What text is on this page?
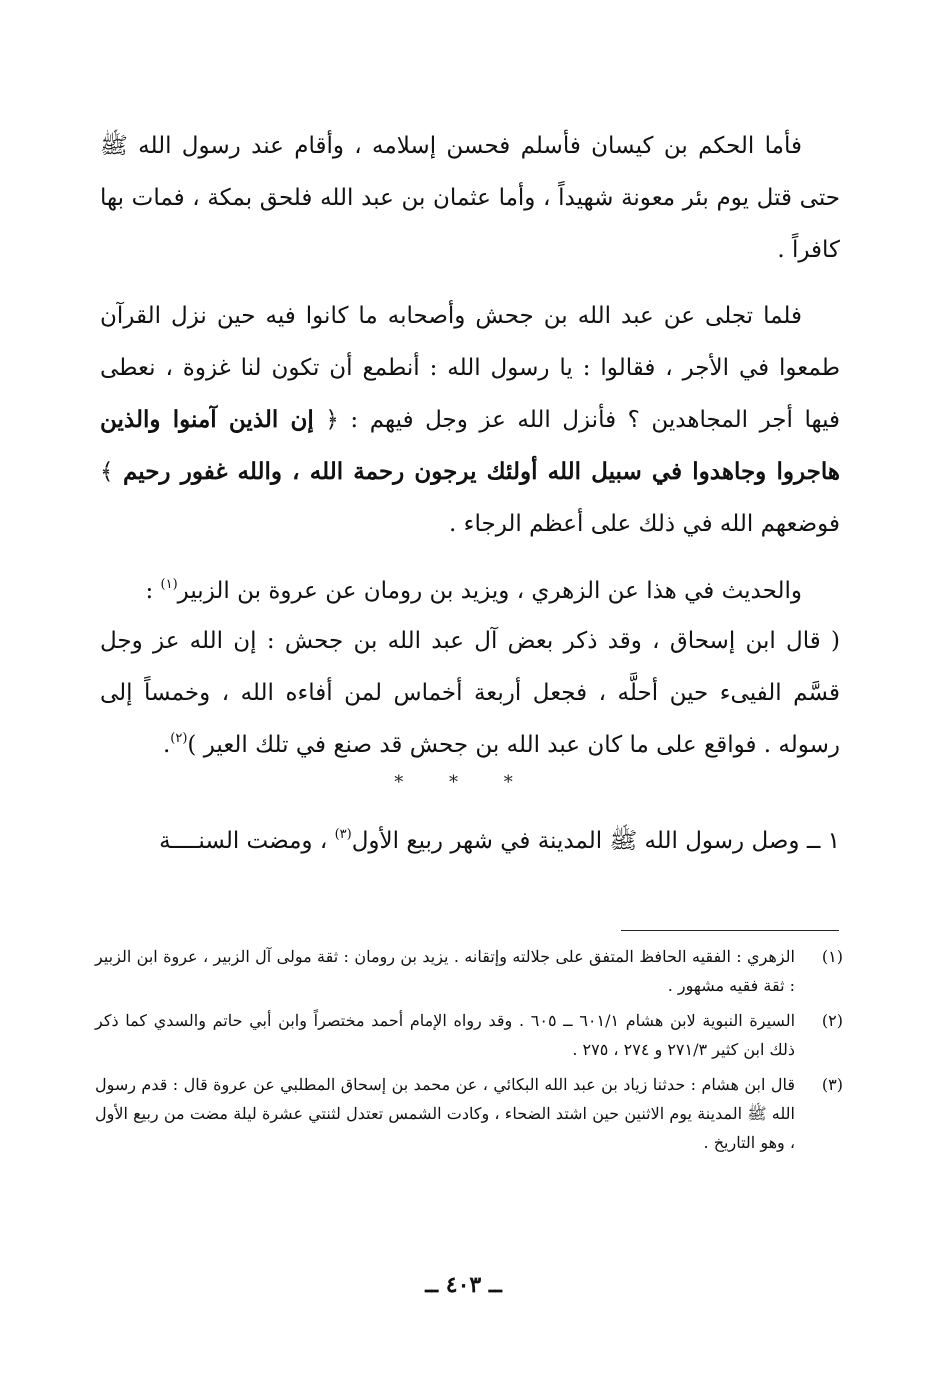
فأما الحكم بن كيسان فأسلم فحسن إسلامه ، وأقام عند رسول الله ﷺ حتى قتل يوم بئر معونة شهيداً ، وأما عثمان بن عبد الله فلحق بمكة ، فمات بها كافراً .
فلما تجلى عن عبد الله بن جحش وأصحابه ما كانوا فيه حين نزل القرآن طمعوا في الأجر ، فقالوا : يا رسول الله : أنطمع أن تكون لنا غزوة ، نعطى فيها أجر المجاهدين ؟ فأنزل الله عز وجل فيهم : ﴿ إن الذين آمنوا والذين هاجروا وجاهدوا في سبيل الله أولئك يرجون رحمة الله ، والله غفور رحيم ﴾ فوضعهم الله في ذلك على أعظم الرجاء .
والحديث في هذا عن الزهري ، ويزيد بن رومان عن عروة بن الزبير$^{(١)}$ :
( قال ابن إسحاق ، وقد ذكر بعض آل عبد الله بن جحش : إن الله عز وجل قسَّم الفيىء حين أحلَّه ، فجعل أربعة أخماس لمن أفاءه الله ، وخمساً إلى رسوله . فواقع على ما كان عبد الله بن جحش قد صنع في تلك العير )$^{(٢)}$.
* * *
١ ــ وصل رسول الله ﷺ المدينة في شهر ربيع الأول$^{(٣)}$ ، ومضت السنــــة
(١)
الزهري : الفقيه الحافظ المتفق على جلالته وإتقانه . يزيد بن رومان : ثقة مولى آل الزبير ، عروة ابن الزبير : ثقة فقيه مشهور .
(٢)
السيرة النبوية لابن هشام ٦٠١/١ ــ ٦٠٥ . وقد رواه الإمام أحمد مختصراً وابن أبي حاتم والسدي كما ذكر ذلك ابن كثير ٢٧١/٣ و ٢٧٤ ، ٢٧٥ .
(٣)
قال ابن هشام : حدثنا زياد بن عبد الله البكائي ، عن محمد بن إسحاق المطلبي عن عروة قال : قدم رسول الله ﷺ المدينة يوم الاثنين حين اشتد الضحاء ، وكادت الشمس تعتدل لثنتي عشرة ليلة مضت من ربيع الأول ، وهو التاريخ .
ــ ٤٠٣ ــ
